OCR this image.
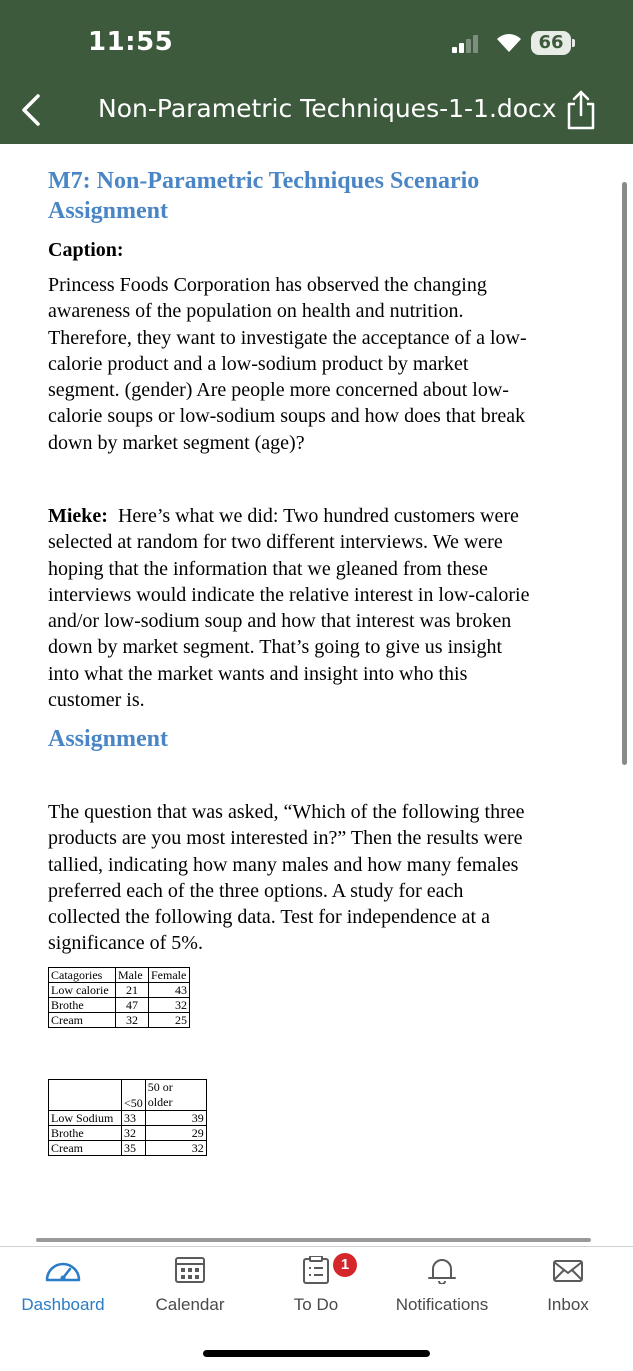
11:55	66
Non-Parametric Techniques-1-1.docx
M7: Non-Parametric Techniques Scenario
Assignment
Caption:
Princess Foods Corporation has observed the changing
awareness of the population on health and nutrition.
Therefore, they want to investigate the acceptance of a low-
calorie product and a low-sodium product by market
segment. (gender) Are people more concerned about low-
calorie soups or low-sodium soups and how does that break
down by market segment (age)?
Mieke:  Here’s what we did: Two hundred customers were
selected at random for two different interviews. We were
hoping that the information that we gleaned from these
interviews would indicate the relative interest in low-calorie
and/or low-sodium soup and how that interest was broken
down by market segment. That’s going to give us insight
into what the market wants and insight into who this
customer is.
Assignment
The question that was asked, “Which of the following three
products are you most interested in?” Then the results were
tallied, indicating how many males and how many females
preferred each of the three options. A study for each
collected the following data. Test for independence at a
significance of 5%.
Catagories	Male	Female
Low calorie	21	43
Brothe	47	32
Cream	32	25
	<50	50 or
older

Low Sodium	33	39
Brothe	32	29
Cream	35	32
Dashboard	Calendar	To Do
1
Notifications	Inbox
